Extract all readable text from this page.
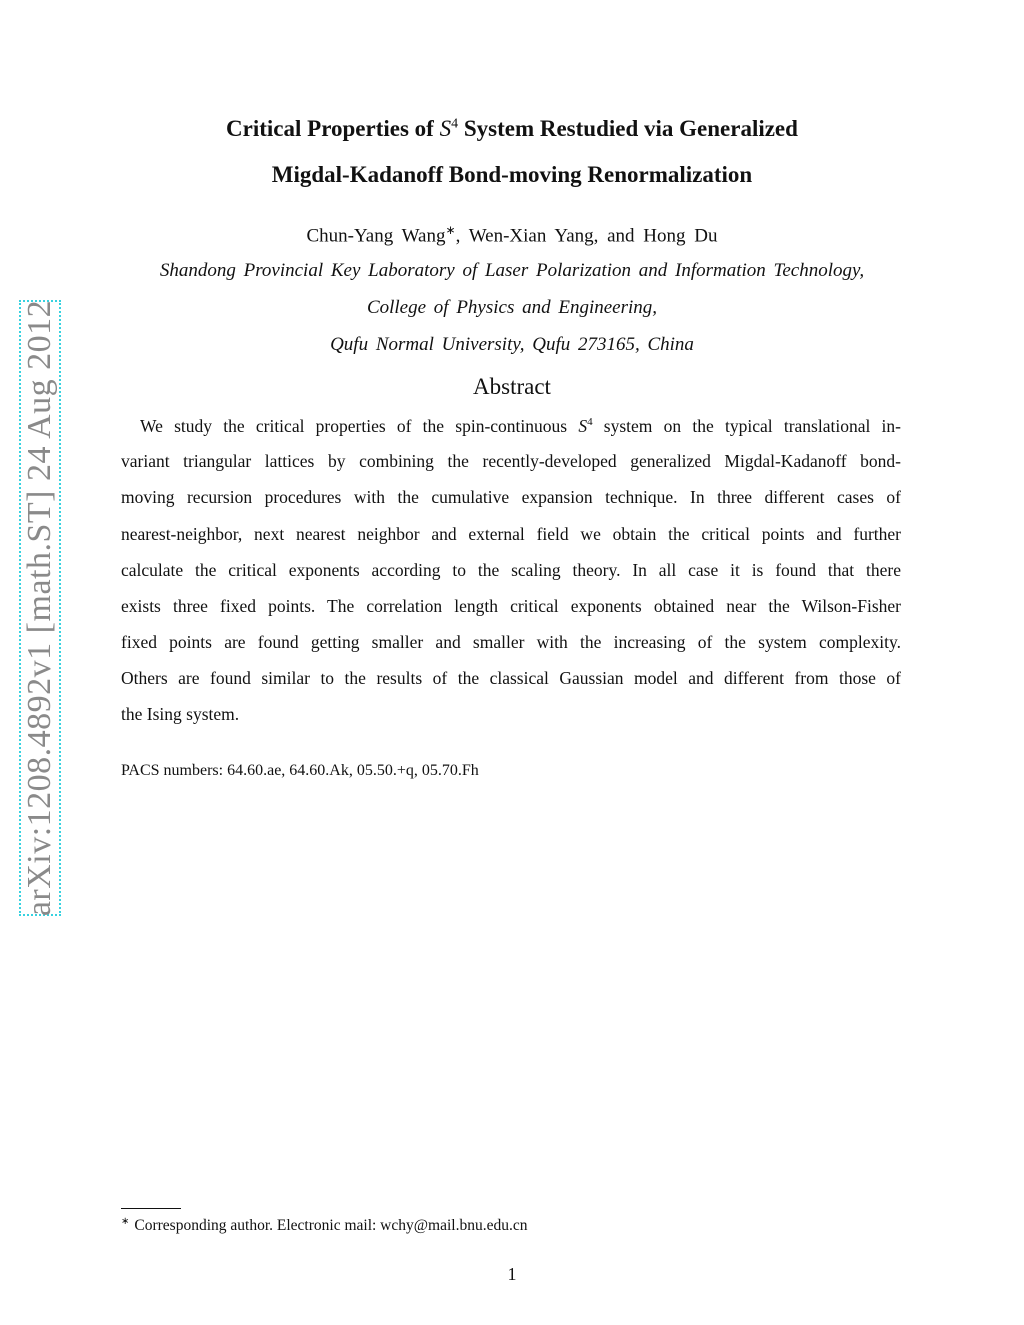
arXiv:1208.4892v1 [math.ST] 24 Aug 2012
Critical Properties of $S^4$ System Restudied via Generalized
Migdal-Kadanoff Bond-moving Renormalization
Chun-Yang Wang∗, Wen-Xian Yang, and Hong Du
Shandong Provincial Key Laboratory of Laser Polarization and Information Technology,
College of Physics and Engineering,
Qufu Normal University, Qufu 273165, China
Abstract
We study the critical properties of the spin-continuous $S^4$ system on the typical translational in-
variant triangular lattices by combining the recently-developed generalized Migdal-Kadanoff bond-
moving recursion procedures with the cumulative expansion technique. In three different cases of
nearest-neighbor, next nearest neighbor and external field we obtain the critical points and further
calculate the critical exponents according to the scaling theory. In all case it is found that there
exists three fixed points. The correlation length critical exponents obtained near the Wilson-Fisher
fixed points are found getting smaller and smaller with the increasing of the system complexity.
Others are found similar to the results of the classical Gaussian model and different from those of
the Ising system.
PACS numbers: 64.60.ae, 64.60.Ak, 05.50.+q, 05.70.Fh
∗ Corresponding author. Electronic mail: wchy@mail.bnu.edu.cn
1
